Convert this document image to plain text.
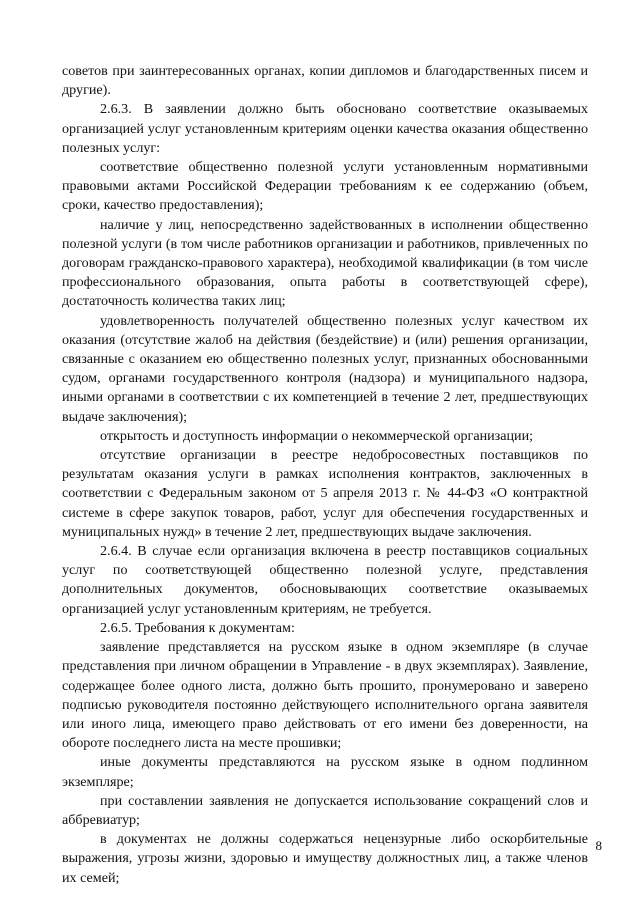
советов при заинтересованных органах, копии дипломов и благодарственных писем и другие).

2.6.3. В заявлении должно быть обосновано соответствие оказываемых организацией услуг установленным критериям оценки качества оказания общественно полезных услуг:

соответствие общественно полезной услуги установленным нормативными правовыми актами Российской Федерации требованиям к ее содержанию (объем, сроки, качество предоставления);

наличие у лиц, непосредственно задействованных в исполнении общественно полезной услуги (в том числе работников организации и работников, привлеченных по договорам гражданско-правового характера), необходимой квалификации (в том числе профессионального образования, опыта работы в соответствующей сфере), достаточность количества таких лиц;

удовлетворенность получателей общественно полезных услуг качеством их оказания (отсутствие жалоб на действия (бездействие) и (или) решения организации, связанные с оказанием ею общественно полезных услуг, признанных обоснованными судом, органами государственного контроля (надзора) и муниципального надзора, иными органами в соответствии с их компетенцией в течение 2 лет, предшествующих выдаче заключения);

открытость и доступность информации о некоммерческой организации;

отсутствие организации в реестре недобросовестных поставщиков по результатам оказания услуги в рамках исполнения контрактов, заключенных в соответствии с Федеральным законом от 5 апреля 2013 г. № 44-ФЗ «О контрактной системе в сфере закупок товаров, работ, услуг для обеспечения государственных и муниципальных нужд» в течение 2 лет, предшествующих выдаче заключения.

2.6.4. В случае если организация включена в реестр поставщиков социальных услуг по соответствующей общественно полезной услуге, представления дополнительных документов, обосновывающих соответствие оказываемых организацией услуг установленным критериям, не требуется.

2.6.5. Требования к документам:

заявление представляется на русском языке в одном экземпляре (в случае представления при личном обращении в Управление - в двух экземплярах). Заявление, содержащее более одного листа, должно быть прошито, пронумеровано и заверено подписью руководителя постоянно действующего исполнительного органа заявителя или иного лица, имеющего право действовать от его имени без доверенности, на обороте последнего листа на месте прошивки;

иные документы представляются на русском языке в одном подлинном экземпляре;

при составлении заявления не допускается использование сокращений слов и аббревиатур;

в документах не должны содержаться нецензурные либо оскорбительные выражения, угрозы жизни, здоровью и имуществу должностных лиц, а также членов их семей;

8
